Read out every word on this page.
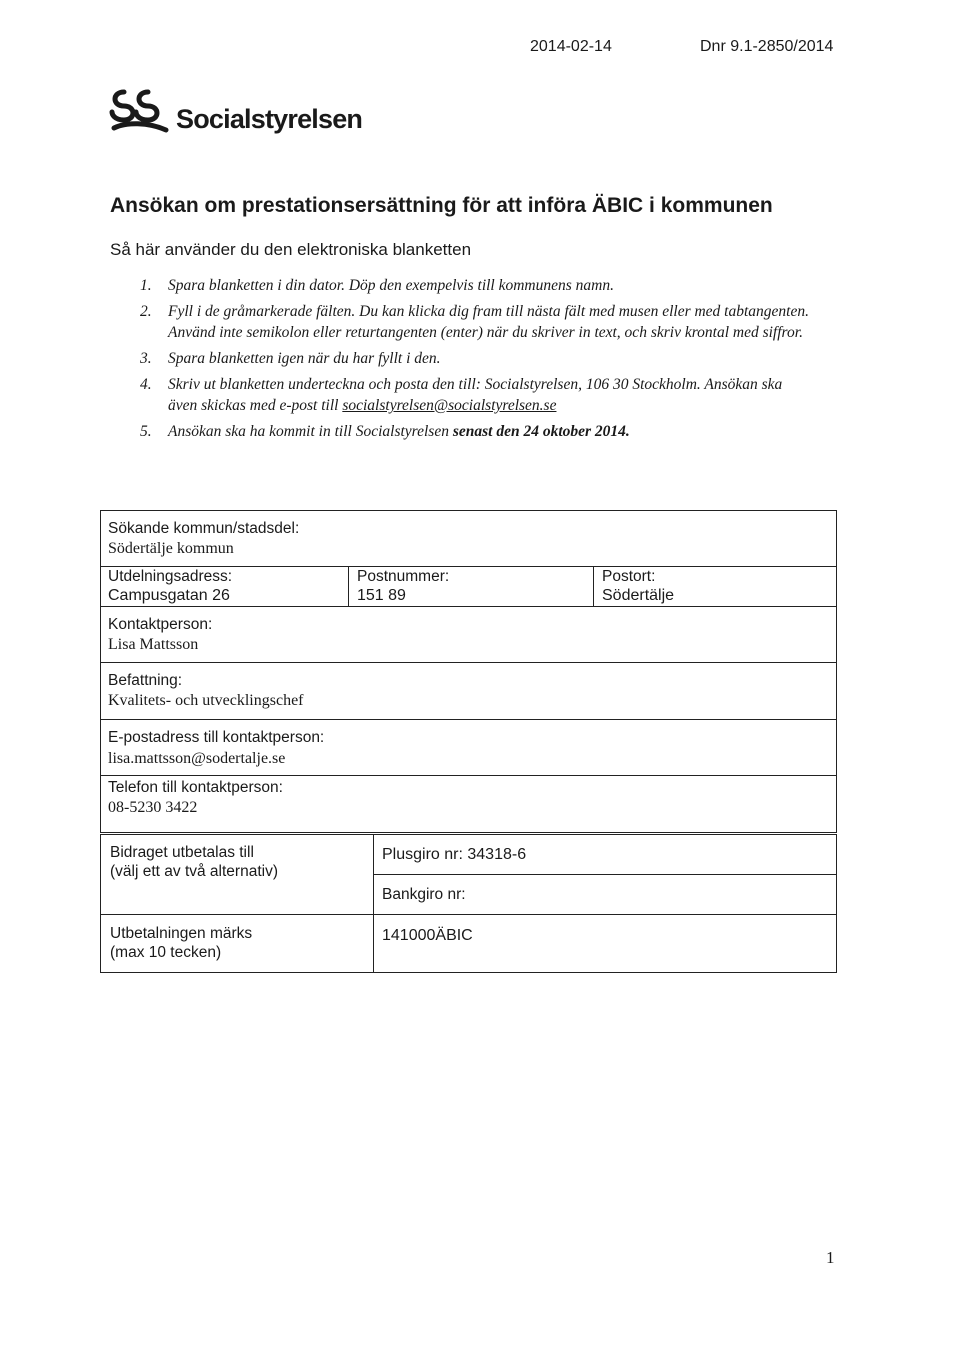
2014-02-14	Dnr 9.1-2850/2014
Socialstyrelsen
Ansökan om prestationsersättning för att införa ÄBIC i kommunen
Så här använder du den elektroniska blanketten
1. Spara blanketten i din dator. Döp den exempelvis till kommunens namn.
2. Fyll i de gråmarkerade fälten. Du kan klicka dig fram till nästa fält med musen eller med tabtangenten. Använd inte semikolon eller returtangenten (enter) när du skriver in text, och skriv krontal med siffror.
3. Spara blanketten igen när du har fyllt i den.
4. Skriv ut blanketten underteckna och posta den till: Socialstyrelsen, 106 30 Stockholm. Ansökan ska även skickas med e-post till socialstyrelsen@socialstyrelsen.se
5. Ansökan ska ha kommit in till Socialstyrelsen senast den 24 oktober 2014.
Sökande kommun/stadsdel:
Södertälje kommun
Utdelningsadress:
Campusgatan 26
Postnummer:
151 89
Postort:
Södertälje
Kontaktperson:
Lisa Mattsson
Befattning:
Kvalitets- och utvecklingschef
E-postadress till kontaktperson:
lisa.mattsson@sodertalje.se
Telefon till kontaktperson:
08-5230 3422
Bidraget utbetalas till
(välj ett av två alternativ)
Plusgiro nr: 34318-6
Bankgiro nr:
Utbetalningen märks
(max 10 tecken)
141000ÄBIC
1
